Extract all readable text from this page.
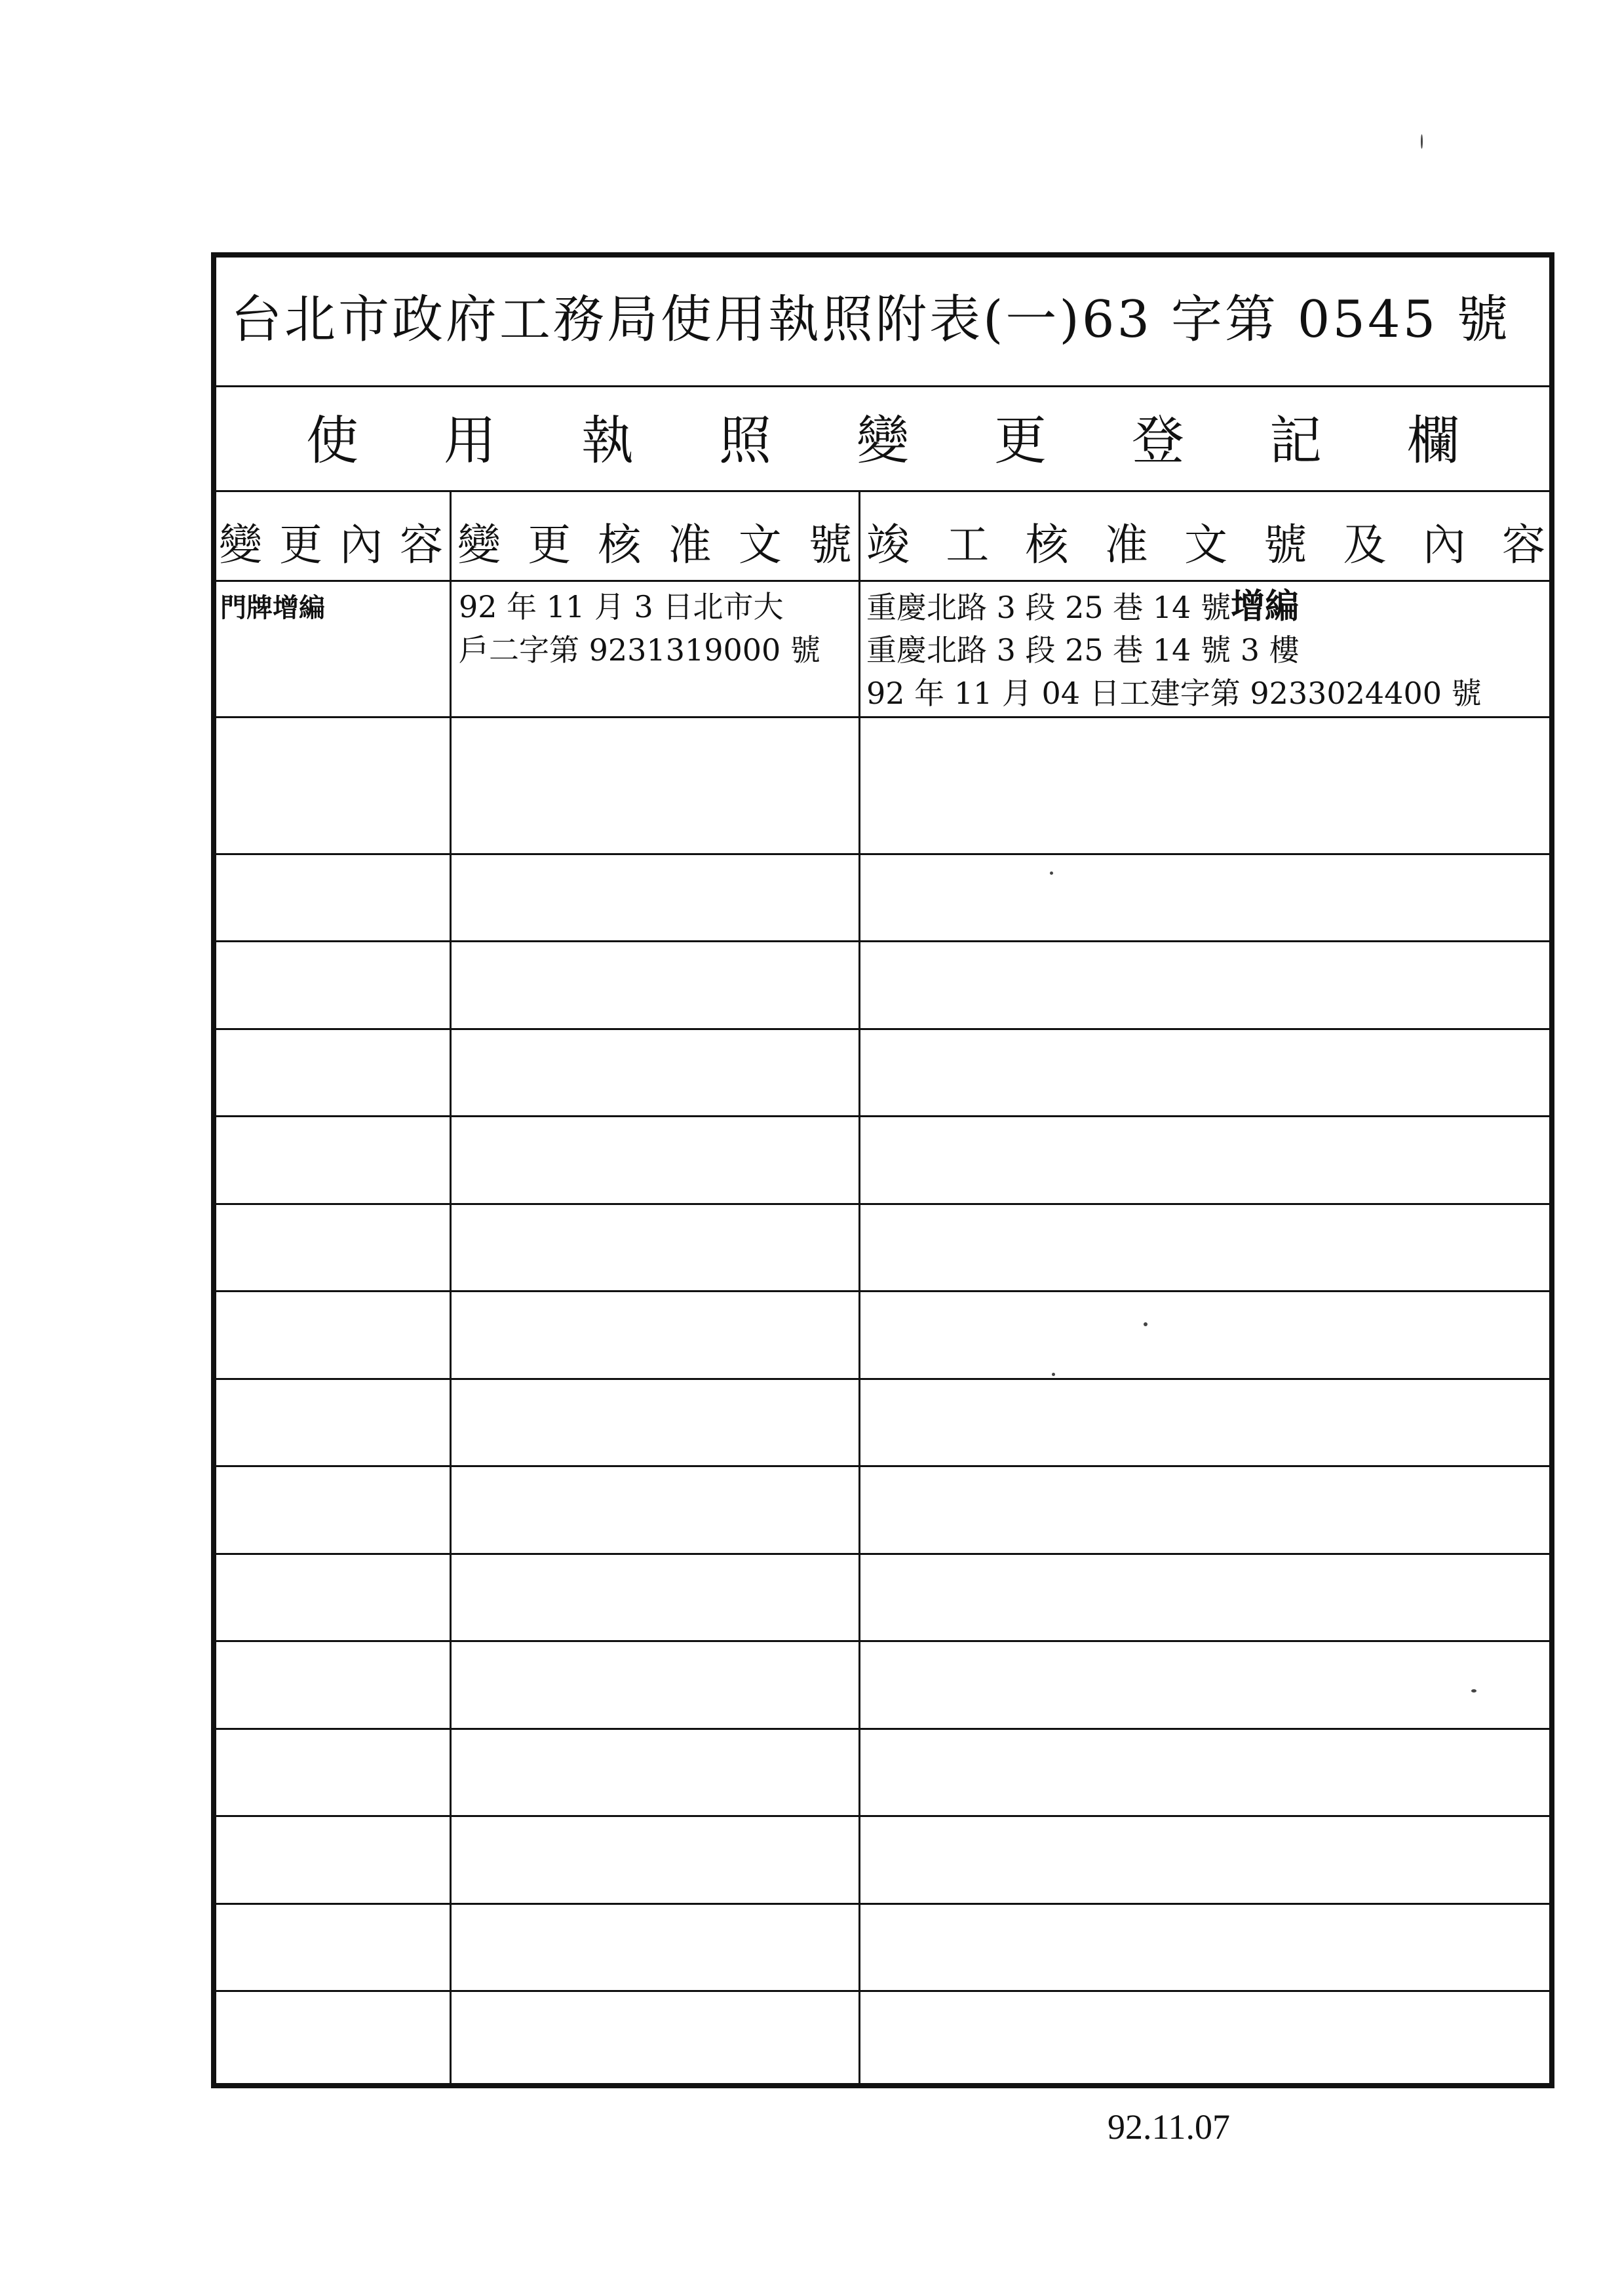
台北市政府工務局使用執照附表(一)63 字第 0545 號
使 用 執 照 變 更 登 記 欄
變 更 內 容 變 更 核 准 文 號 竣 工 核 准 文 號 及 內 容
門牌增編	92 年 11 月 3 日北市大
戶二字第 9231319000 號
重慶北路 3 段 25 巷 14 號增編
重慶北路 3 段 25 巷 14 號 3 樓
92 年 11 月 04 日工建字第 9233024400 號
92.11.07
